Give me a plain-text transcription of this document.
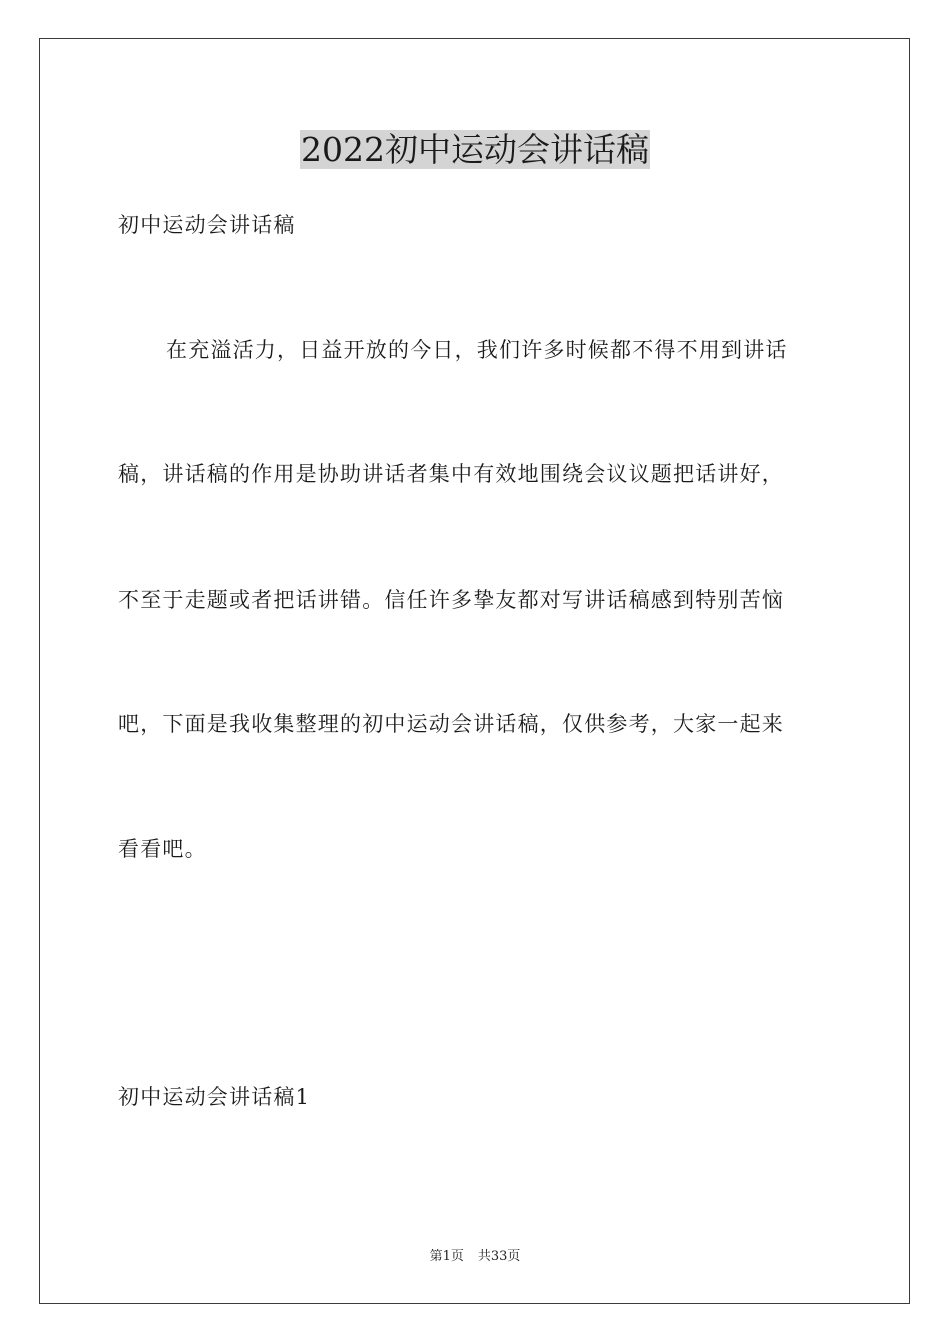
2022初中运动会讲话稿
初中运动会讲话稿
在充溢活力，日益开放的今日，我们许多时候都不得不用到讲话
稿，讲话稿的作用是协助讲话者集中有效地围绕会议议题把话讲好，
不至于走题或者把话讲错。信任许多挚友都对写讲话稿感到特别苦恼
吧，下面是我收集整理的初中运动会讲话稿，仅供参考，大家一起来
看看吧。
初中运动会讲话稿1
第1页 共33页
